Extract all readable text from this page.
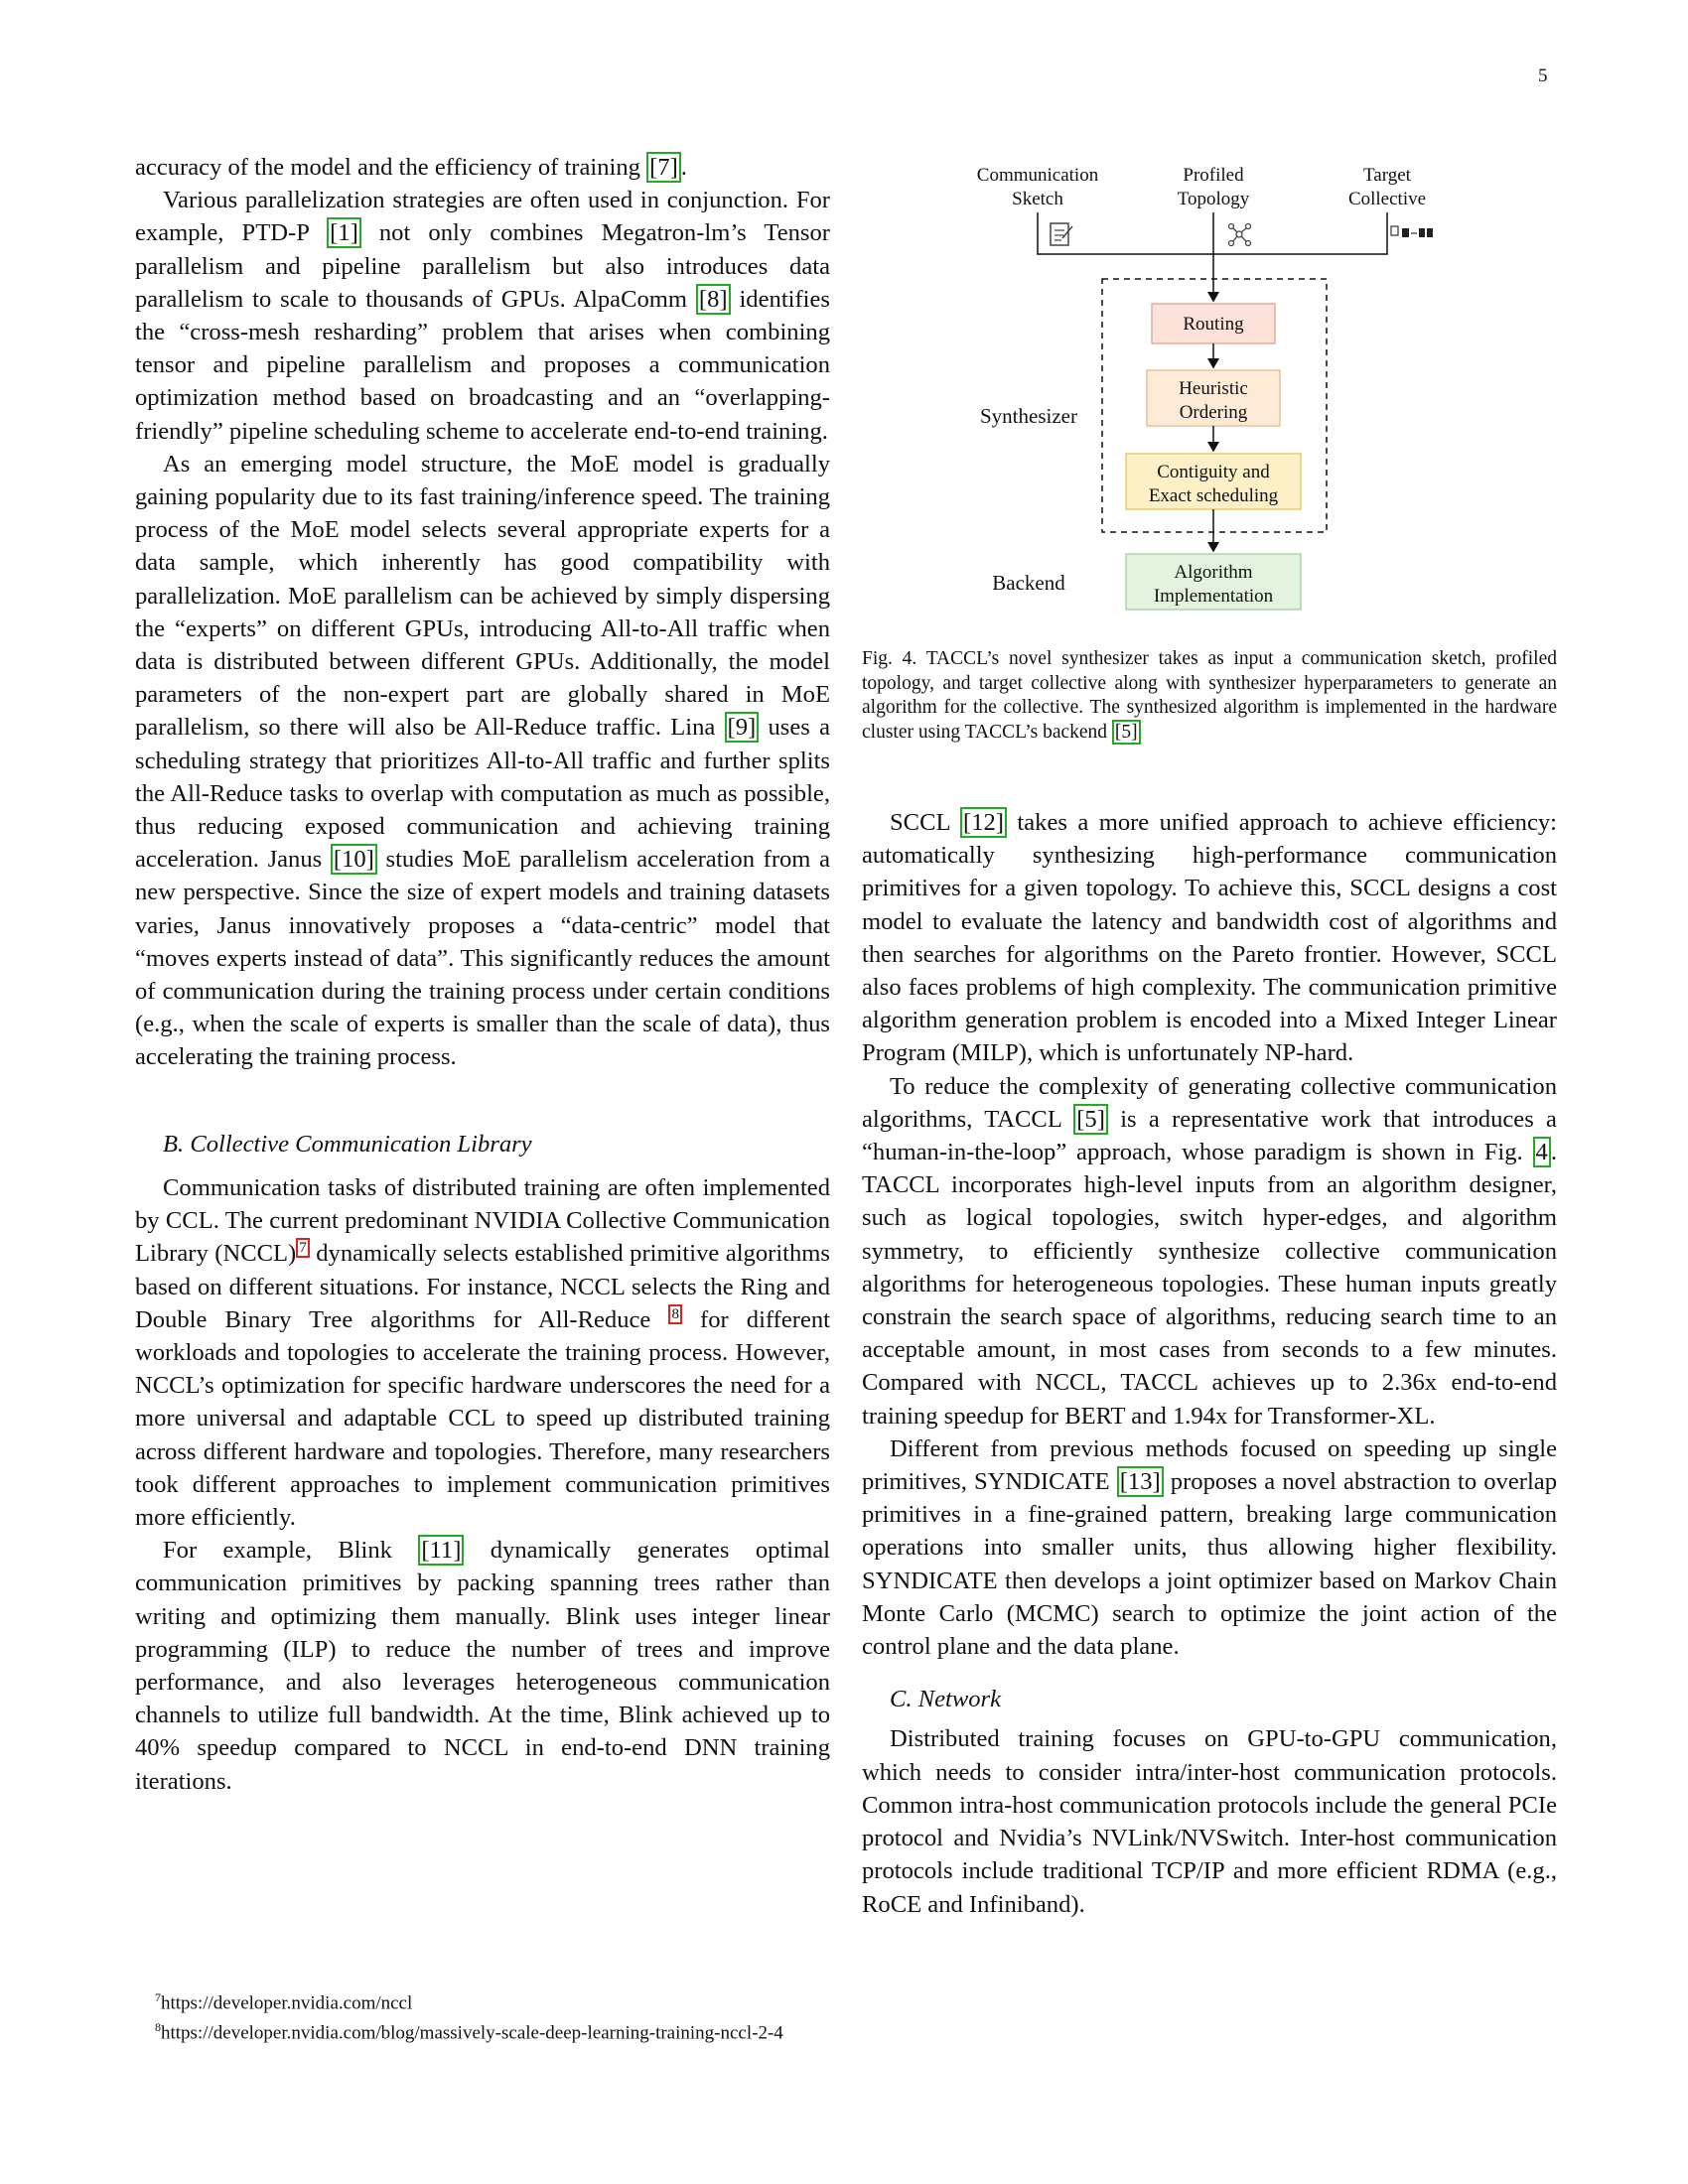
5

accuracy of the model and the efficiency of training [7] .

Various parallelization strategies are often used in conjunction. For example, PTD-P [1] not only combines Megatron-lm’s Tensor parallelism and pipeline parallelism but also introduces data parallelism to scale to thousands of GPUs. AlpaComm [8] identifies the “cross-mesh resharding” problem that arises when combining tensor and pipeline parallelism and proposes a communication optimization method based on broadcasting and an “overlapping-friendly” pipeline scheduling scheme to accelerate end-to-end training.

As an emerging model structure, the MoE model is gradually gaining popularity due to its fast training/inference speed. The training process of the MoE model selects several appropriate experts for a data sample, which inherently has good compatibility with parallelization. MoE parallelism can be achieved by simply dispersing the “experts” on different GPUs, introducing All-to-All traffic when data is distributed between different GPUs. Additionally, the model parameters of the non-expert part are globally shared in MoE parallelism, so there will also be All-Reduce traffic. Lina [9] uses a scheduling strategy that prioritizes All-to-All traffic and further splits the All-Reduce tasks to overlap with computation as much as possible, thus reducing exposed communication and achieving training acceleration. Janus [10] studies MoE parallelism acceleration from a new perspective. Since the size of expert models and training datasets varies, Janus innovatively proposes a “data-centric” model that “moves experts instead of data”. This significantly reduces the amount of communication during the training process under certain conditions (e.g., when the scale of experts is smaller than the scale of data), thus accelerating the training process.

B. Collective Communication Library

Communication tasks of distributed training are often implemented by CCL. The current predominant NVIDIA Collective Communication Library (NCCL) $^7$ dynamically selects established primitive algorithms based on different situations. For instance, NCCL selects the Ring and Double Binary Tree algorithms for All-Reduce $^8$ for different workloads and topologies to accelerate the training process. However, NCCL’s optimization for specific hardware underscores the need for a more universal and adaptable CCL to speed up distributed training across different hardware and topologies. Therefore, many researchers took different approaches to implement communication primitives more efficiently.

For example, Blink [11] dynamically generates optimal communication primitives by packing spanning trees rather than writing and optimizing them manually. Blink uses integer linear programming (ILP) to reduce the number of trees and improve performance, and also leverages heterogeneous communication channels to utilize full bandwidth. At the time, Blink achieved up to 40% speedup compared to NCCL in end-to-end DNN training iterations.

$^7$https://developer.nvidia.com/nccl
$^8$https://developer.nvidia.com/blog/massively-scale-deep-learning-training-nccl-2-4
Communication
Sketch
Profiled
Topology
Target
Collective
Synthesizer
Routing
Heuristic
Ordering
Contiguity and
Exact scheduling
Backend	Algorithm
Implementation
Fig. 4. TACCL’s novel synthesizer takes as input a communication sketch, profiled topology, and target collective along with synthesizer hyperparameters to generate an algorithm for the collective. The synthesized algorithm is implemented in the hardware cluster using TACCL’s backend [5]

SCCL [12] takes a more unified approach to achieve efficiency: automatically synthesizing high-performance communication primitives for a given topology. To achieve this, SCCL designs a cost model to evaluate the latency and bandwidth cost of algorithms and then searches for algorithms on the Pareto frontier. However, SCCL also faces problems of high complexity. The communication primitive algorithm generation problem is encoded into a Mixed Integer Linear Program (MILP), which is unfortunately NP-hard.

To reduce the complexity of generating collective communication algorithms, TACCL [5] is a representative work that introduces a “human-in-the-loop” approach, whose paradigm is shown in Fig. 4 . TACCL incorporates high-level inputs from an algorithm designer, such as logical topologies, switch hyper-edges, and algorithm symmetry, to efficiently synthesize collective communication algorithms for heterogeneous topologies. These human inputs greatly constrain the search space of algorithms, reducing search time to an acceptable amount, in most cases from seconds to a few minutes. Compared with NCCL, TACCL achieves up to 2.36x end-to-end training speedup for BERT and 1.94x for Transformer-XL.

Different from previous methods focused on speeding up single primitives, SYNDICATE [13] proposes a novel abstraction to overlap primitives in a fine-grained pattern, breaking large communication operations into smaller units, thus allowing higher flexibility. SYNDICATE then develops a joint optimizer based on Markov Chain Monte Carlo (MCMC) search to optimize the joint action of the control plane and the data plane.

C. Network

Distributed training focuses on GPU-to-GPU communication, which needs to consider intra/inter-host communication protocols. Common intra-host communication protocols include the general PCIe protocol and Nvidia’s NVLink/NVSwitch. Inter-host communication protocols include traditional TCP/IP and more efficient RDMA (e.g., RoCE and Infiniband).
